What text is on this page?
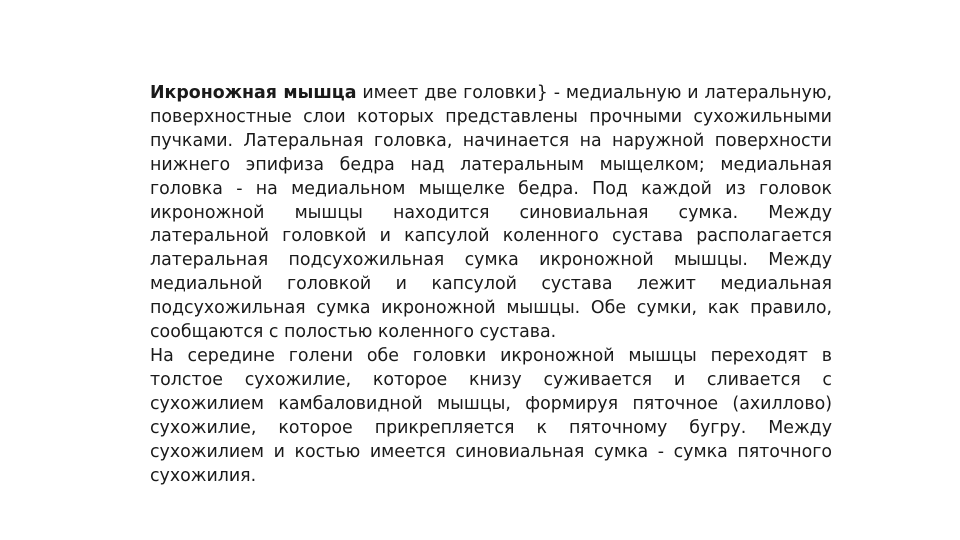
Икроножная мышца имеет две головки} - медиальную и латеральную, поверхностные слои которых представлены прочными сухожильными пучками. Латеральная головка, начинается на наружной поверхности нижнего эпифиза бедра над латеральным мыщелком; медиальная головка - на медиальном мыщелке бедра. Под каждой из головок икроножной мышцы находится синовиальная сумка. Между латеральной головкой и капсулой коленного сустава располагается латеральная подсухожильная сумка икроножной мышцы. Между медиальной головкой и капсулой сустава лежит медиальная подсухожильная сумка икроножной мышцы. Обе сумки, как правило, сообщаются с полостью коленного сустава.

На середине голени обе головки икроножной мышцы переходят в толстое сухожилие, которое книзу суживается и сливается с сухожилием камбаловидной мышцы, формируя пяточное (ахиллово) сухожилие, которое прикрепляется к пяточному бугру. Между сухожилием и костью имеется синовиальная сумка - сумка пяточного сухожилия.
